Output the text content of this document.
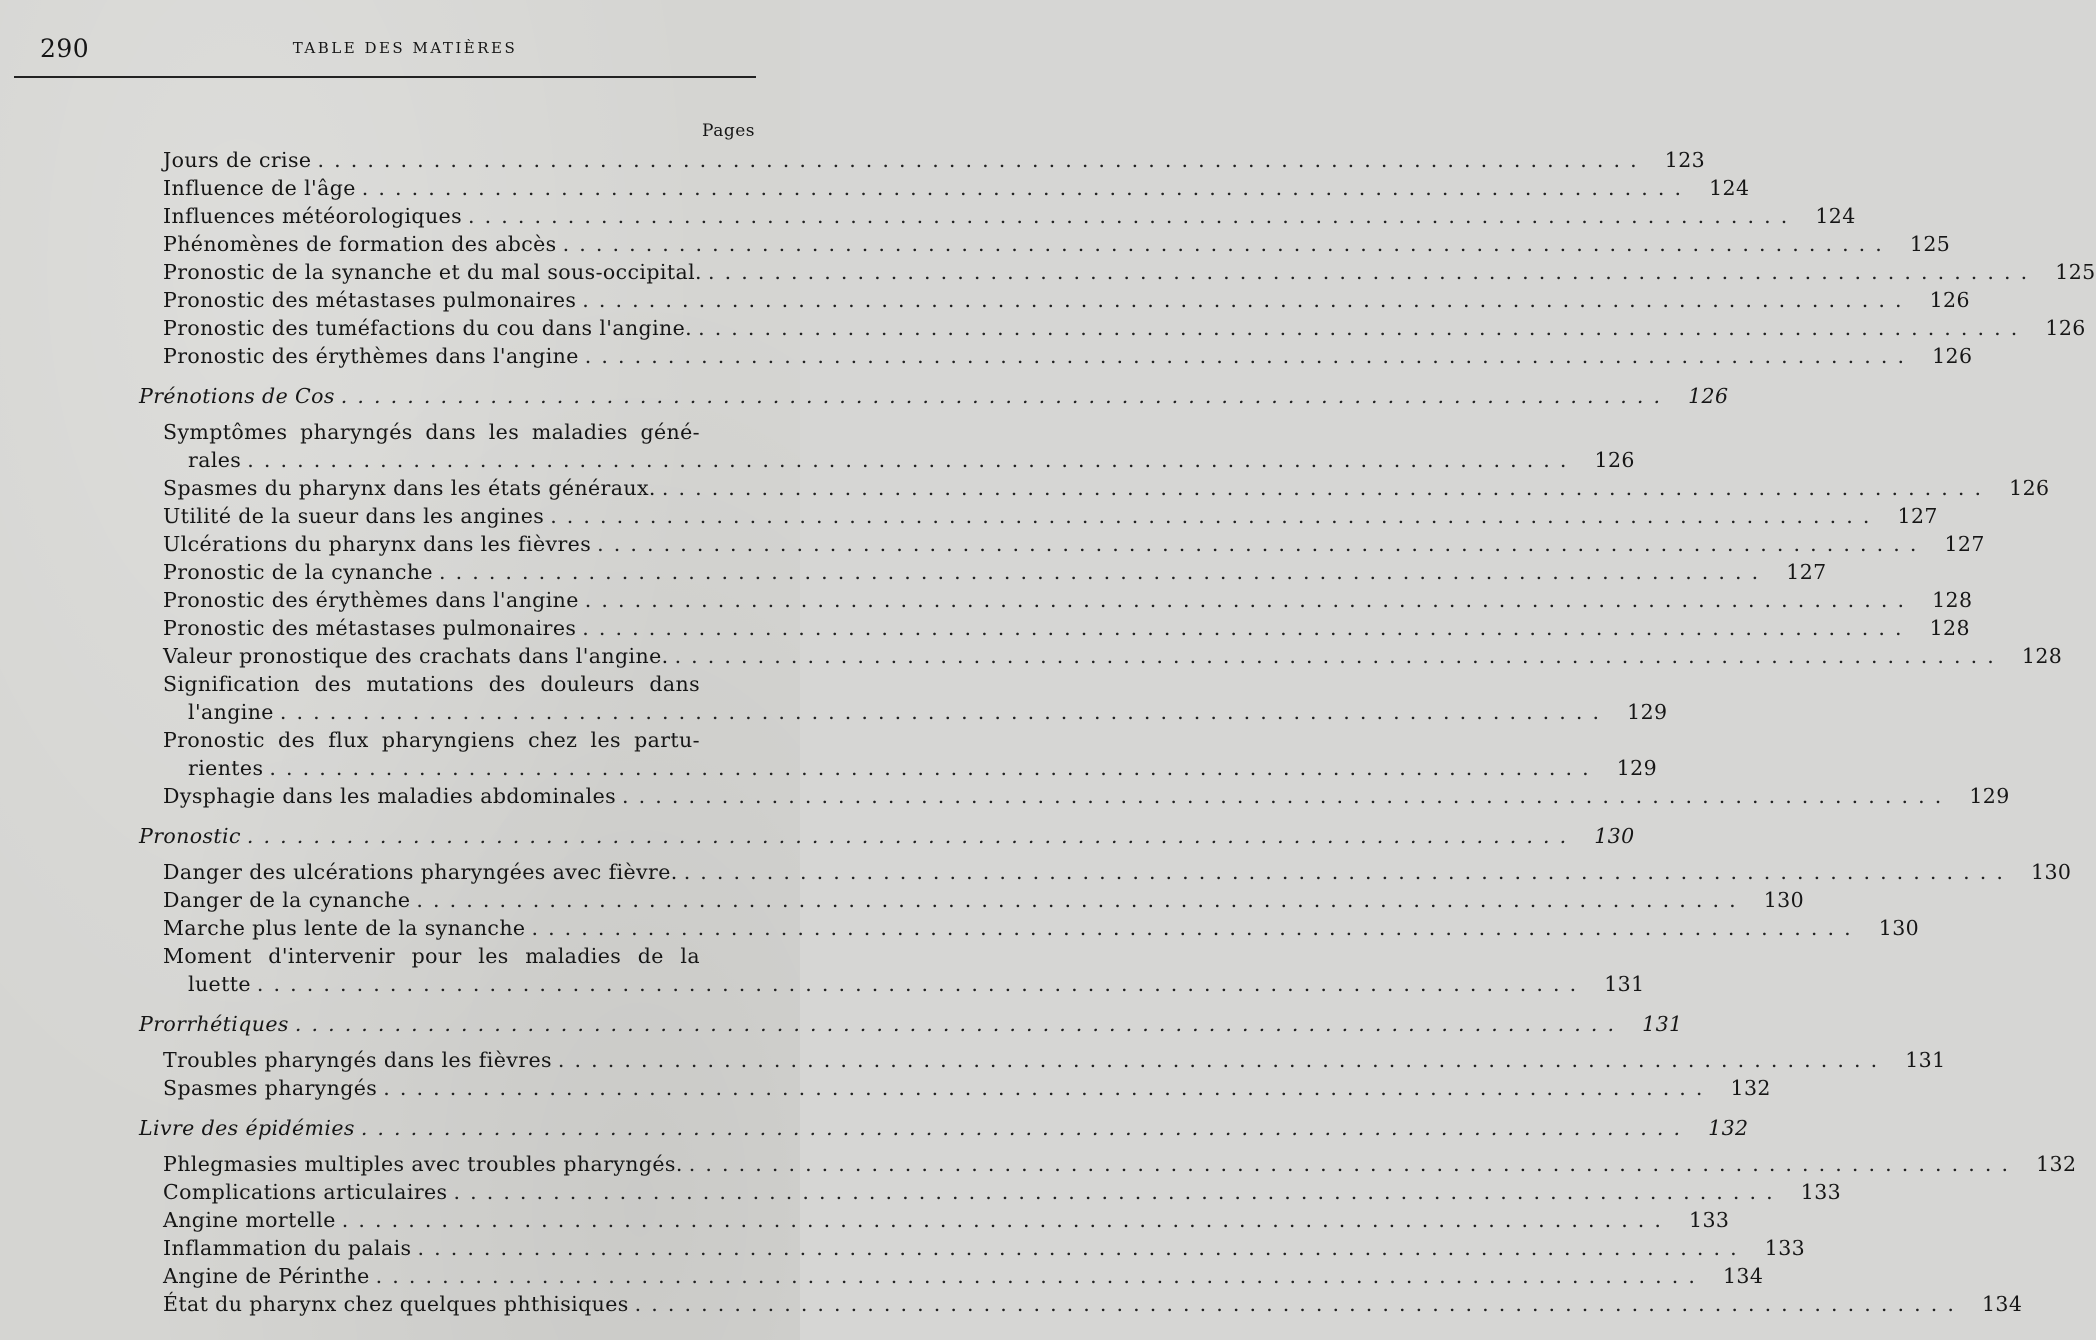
290	TABLE DES MATIÈRES
Pages
Jours de crise ................................................................................ 123
Influence de l'âge ................................................................................ 124
Influences météorologiques ................................................................................ 124
Phénomènes de formation des abcès ................................................................................ 125
Pronostic de la synanche et du mal sous-occipital. ................................................................................ 125
Pronostic des métastases pulmonaires ................................................................................ 126
Pronostic des tuméfactions du cou dans l'angine. ................................................................................ 126
Pronostic des érythèmes dans l'angine ................................................................................ 126
Prénotions de Cos ................................................................................ 126
Symptômes pharyngés dans les maladies géné-
rales ................................................................................ 126
Spasmes du pharynx dans les états généraux. ................................................................................ 126
Utilité de la sueur dans les angines ................................................................................ 127
Ulcérations du pharynx dans les fièvres ................................................................................ 127
Pronostic de la cynanche ................................................................................ 127
Pronostic des érythèmes dans l'angine ................................................................................ 128
Pronostic des métastases pulmonaires ................................................................................ 128
Valeur pronostique des crachats dans l'angine. ................................................................................ 128
Signification des mutations des douleurs dans
l'angine ................................................................................ 129
Pronostic des flux pharyngiens chez les partu-
rientes ................................................................................ 129
Dysphagie dans les maladies abdominales ................................................................................ 129
Pronostic ................................................................................ 130
Danger des ulcérations pharyngées avec fièvre. ................................................................................ 130
Danger de la cynanche ................................................................................ 130
Marche plus lente de la synanche ................................................................................ 130
Moment d'intervenir pour les maladies de la
luette ................................................................................ 131
Prorrhétiques ................................................................................ 131
Troubles pharyngés dans les fièvres ................................................................................ 131
Spasmes pharyngés ................................................................................ 132
Livre des épidémies ................................................................................ 132
Phlegmasies multiples avec troubles pharyngés. ................................................................................ 132
Complications articulaires ................................................................................ 133
Angine mortelle ................................................................................ 133
Inflammation du palais ................................................................................ 133
Angine de Périnthe ................................................................................ 134
État du pharynx chez quelques phthisiques ................................................................................ 134
